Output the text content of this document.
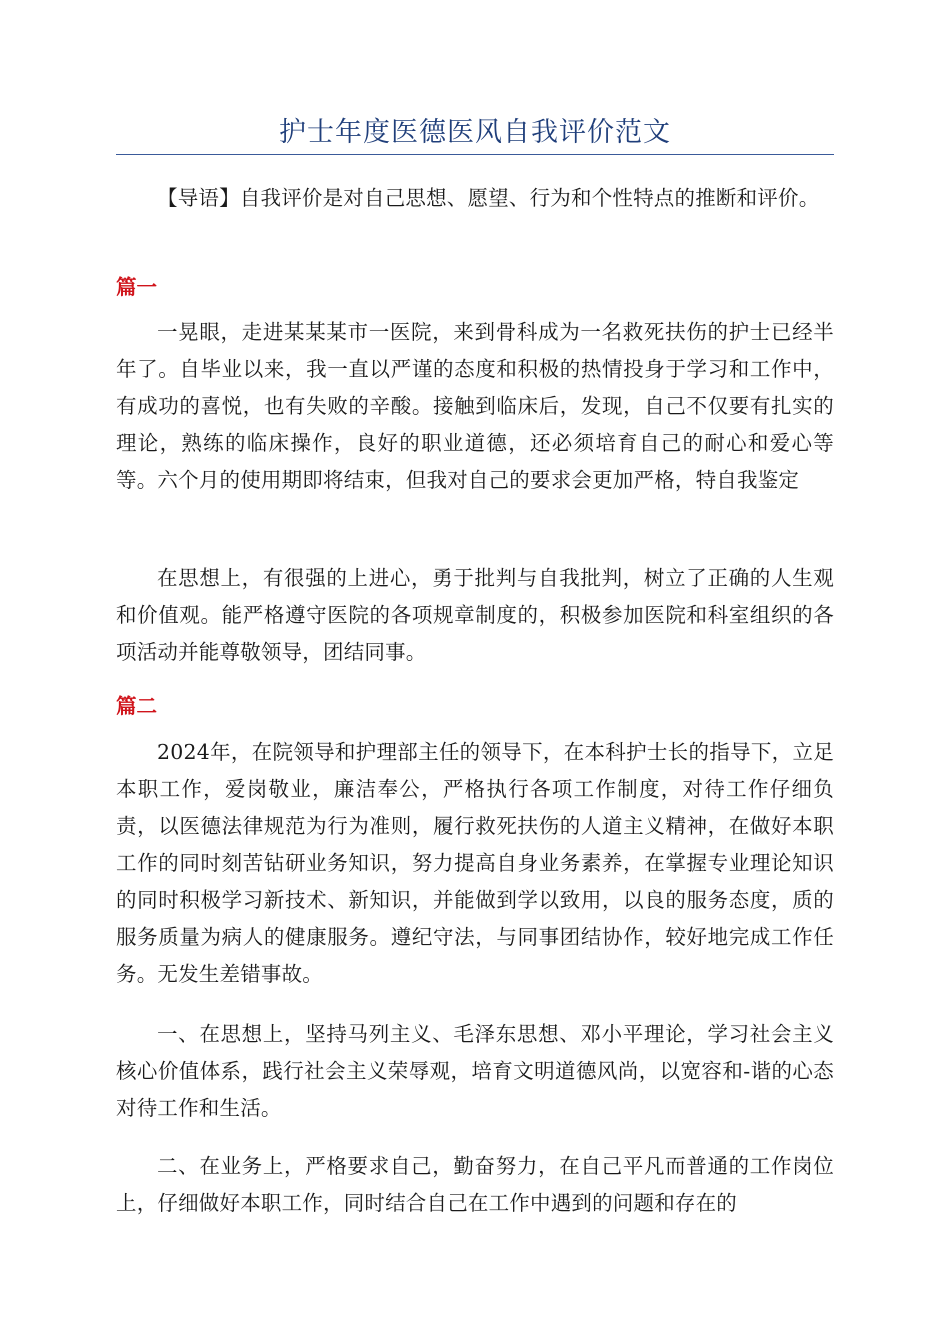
护士年度医德医风自我评价范文
【导语】自我评价是对自己思想、愿望、行为和个性特点的推断和评价。
篇一
一晃眼，走进某某某市一医院，来到骨科成为一名救死扶伤的护士已经半年了。自毕业以来，我一直以严谨的态度和积极的热情投身于学习和工作中，有成功的喜悦，也有失败的辛酸。接触到临床后，发现，自己不仅要有扎实的理论，熟练的临床操作，良好的职业道德，还必须培育自己的耐心和爱心等等。六个月的使用期即将结束，但我对自己的要求会更加严格，特自我鉴定
在思想上，有很强的上进心，勇于批判与自我批判，树立了正确的人生观和价值观。能严格遵守医院的各项规章制度的，积极参加医院和科室组织的各项活动并能尊敬领导，团结同事。
篇二
2024年，在院领导和护理部主任的领导下，在本科护士长的指导下，立足本职工作，爱岗敬业，廉洁奉公，严格执行各项工作制度，对待工作仔细负责，以医德法律规范为行为准则，履行救死扶伤的人道主义精神，在做好本职工作的同时刻苦钻研业务知识，努力提高自身业务素养，在掌握专业理论知识的同时积极学习新技术、新知识，并能做到学以致用，以良的服务态度，质的服务质量为病人的健康服务。遵纪守法，与同事团结协作，较好地完成工作任务。无发生差错事故。
一、在思想上，坚持马列主义、毛泽东思想、邓小平理论，学习社会主义核心价值体系，践行社会主义荣辱观，培育文明道德风尚，以宽容和-谐的心态对待工作和生活。
二、在业务上，严格要求自己，勤奋努力，在自己平凡而普通的工作岗位上，仔细做好本职工作，同时结合自己在工作中遇到的问题和存在的
